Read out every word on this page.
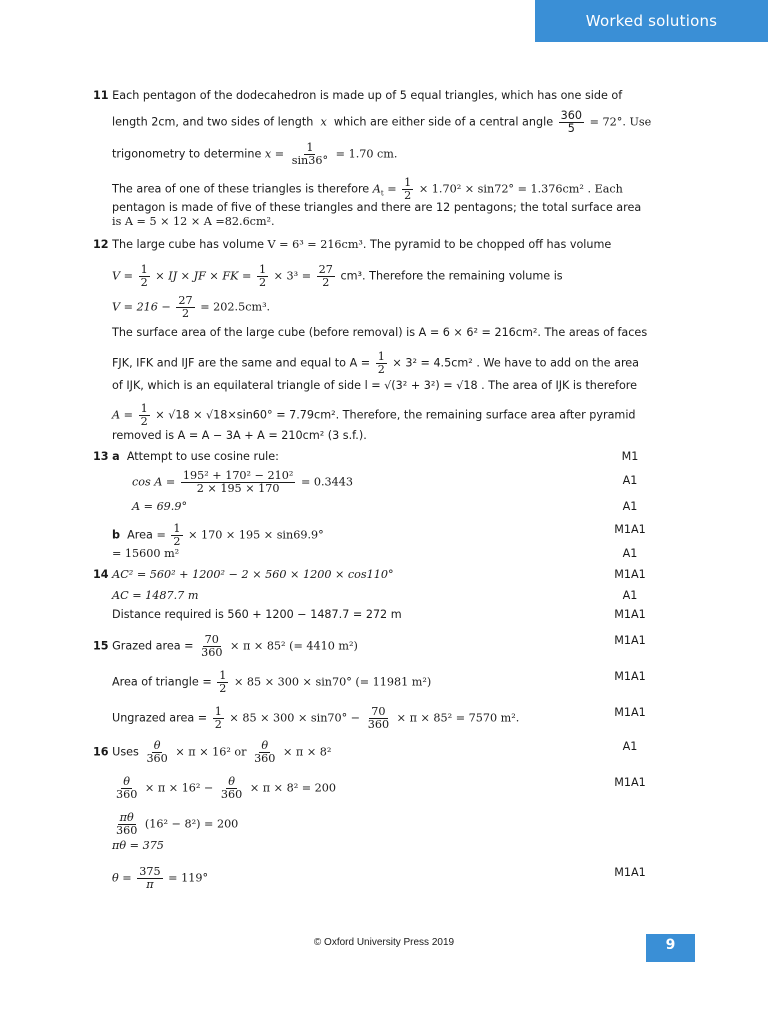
Worked solutions
11 Each pentagon of the dodecahedron is made up of 5 equal triangles, which has one side of
length 2cm, and two sides of length  x  which are either side of a central angle $\frac{360}{5} = 72^\circ$. Use
trigonometry to determine $x = \frac{1}{\sin 36^\circ} = 1.70$ cm.
The area of one of these triangles is therefore $A_t = \frac{1}{2} \times 1.70^2 \times \sin 72^\circ = 1.376cm^2$ . Each
pentagon is made of five of these triangles and there are 12 pentagons; the total surface area
is A = 5 × 12 × A =82.6cm².
12 The large cube has volume V = 6³ = 216cm³. The pyramid to be chopped off has volume
$V = \frac{1}{2}$ × IJ × JF × FK = $\frac{1}{2} \times 3^3 = \frac{27}{2} cm^3$. Therefore the remaining volume is
$V = 216 - \frac{27}{2} = 202.5cm^3$.
The surface area of the large cube (before removal) is A = 6 × 6² = 216cm². The areas of faces
FJK, IFK and IJF are the same and equal to $A = \frac{1}{2} \times 3^2 = 4.5cm^2$ . We have to add on the area
of IJK, which is an equilateral triangle of side l = √(3² + 3²) = √18 . The area of IJK is therefore
$A = \frac{1}{2} \times √18 \times √18\times\sin 60^\circ = 7.79cm^2$. Therefore, the remaining surface area after pyramid
removed is A = A − 3A + A = 210cm² (3 s.f.).
13 a Attempt to use cosine rule:	M1
$\cos A = \frac{\text{195² + 170² − 210²}}{2 \times 195 \times 170} = 0.3443$	A1
A = 69.9°	A1
b Area = $\frac{1}{2} \times 170 \times 195 \times \sin 69.9^\circ$	M1A1
= 15600 m²	A1
14 AC² = 560² + 1200² − 2 × 560 × 1200 × cos110°	M1A1
AC = 1487.7 m	A1
Distance required is 560 + 1200 − 1487.7 = 272 m	M1A1
15 Grazed area = $\frac{70}{360} \times \pi \times 85^2$ (= 4410 m²)	M1A1
Area of triangle = $\frac{1}{2} \times 85 \times 300 \times \sin 70^\circ$ (= 11981 m²)	M1A1
Ungrazed area = $\frac{1}{2} \times 85 \times 300 \times \sin 70^\circ - \frac{70}{360} \times \pi \times 85^2 = 7570$ m².	M1A1
16 Uses $\frac{\theta}{360} \times \pi \times 16^2$ or $\frac{\theta}{360} \times \pi \times 8^2$	A1
$\frac{\theta}{360} \times \pi \times 16^2 - \frac{\theta}{360} \times \pi \times 8^2 = 200$	M1A1
$\frac{\pi\theta}{360} (16^2 - 8^2) = 200$
πθ = 375
$\theta = \frac{375}{\pi} = 119^\circ$	M1A1
© Oxford University Press 2019	9
